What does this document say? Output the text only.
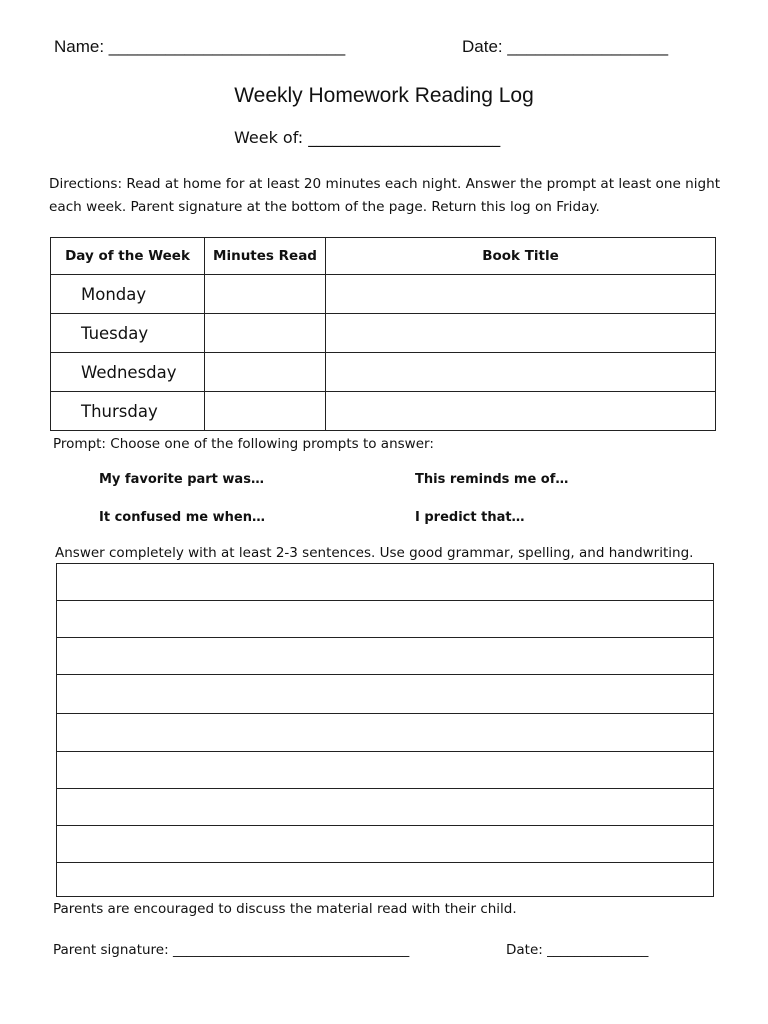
Name: _________________________	Date: _________________
Weekly Homework Reading Log
Week of: ________________________
Directions: Read at home for at least 20 minutes each night. Answer the prompt at least one night each week. Parent signature at the bottom of the page. Return this log on Friday.
Day of the Week	Minutes Read	Book Title
Monday		
Tuesday		
Wednesday		
Thursday		
Prompt: Choose one of the following prompts to answer:
My favorite part was…	This reminds me of…
It confused me when…	I predict that…
Answer completely with at least 2-3 sentences. Use good grammar, spelling, and handwriting.
Parents are encouraged to discuss the material read with their child.
Parent signature: ___________________________________	Date: _______________
